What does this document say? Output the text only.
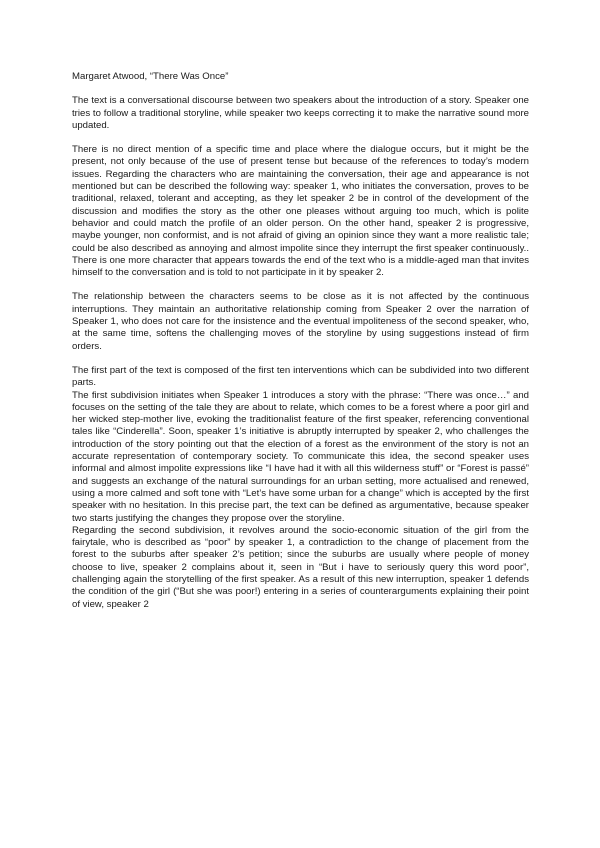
Margaret Atwood, “There Was Once”

The text is a conversational discourse between two speakers about the introduction of a story. Speaker one tries to follow a traditional storyline, while speaker two keeps correcting it to make the narrative sound more updated.

There is no direct mention of a specific time and place where the dialogue occurs, but it might be the present, not only because of the use of present tense but because of the references to today’s modern issues. Regarding the characters who are maintaining the conversation, their age and appearance is not mentioned but can be described the following way: speaker 1, who initiates the conversation, proves to be traditional, relaxed, tolerant and accepting, as they let speaker 2 be in control of the development of the discussion and modifies the story as the other one pleases without arguing too much, which is polite behavior and could match the profile of an older person. On the other hand, speaker 2 is progressive, maybe younger, non conformist, and is not afraid of giving an opinion since they want a more realistic tale; could be also described as annoying and almost impolite since they interrupt the first speaker continuously.. There is one more character that appears towards the end of the text who is a middle-aged man that invites himself to the conversation and is told to not participate in it by speaker 2.

The relationship between the characters seems to be close as it is not affected by the continuous interruptions. They maintain an authoritative relationship coming from Speaker 2 over the narration of Speaker 1, who does not care for the insistence and the eventual impoliteness of the second speaker, who, at the same time, softens the challenging moves of the storyline by using suggestions instead of firm orders.

The first part of the text is composed of the first ten interventions which can be subdivided into two different parts.

The first subdivision initiates when Speaker 1 introduces a story with the phrase: “There was once…” and focuses on the setting of the tale they are about to relate, which comes to be a forest where a poor girl and her wicked step-mother live, evoking the traditionalist feature of the first speaker, referencing conventional tales like “Cinderella”. Soon, speaker 1’s initiative is abruptly interrupted by speaker 2, who challenges the introduction of the story pointing out that the election of a forest as the environment of the story is not an accurate representation of contemporary society. To communicate this idea, the second speaker uses informal and almost impolite expressions like “I have had it with all this wilderness stuff” or “Forest is passé” and suggests an exchange of the natural surroundings for an urban setting, more actualised and renewed, using a more calmed and soft tone with “Let’s have some urban for a change” which is accepted by the first speaker with no hesitation. In this precise part, the text can be defined as argumentative, because speaker two starts justifying the changes they propose over the storyline.

Regarding the second subdivision, it revolves around the socio-economic situation of the girl from the fairytale, who is described as “poor” by speaker 1, a contradiction to the change of placement from the forest to the suburbs after speaker 2’s petition; since the suburbs are usually where people of money choose to live, speaker 2 complains about it, seen in “But i have to seriously query this word poor”, challenging again the storytelling of the first speaker. As a result of this new interruption, speaker 1 defends the condition of the girl (“But she was poor!) entering in a series of counterarguments explaining their point of view, speaker 2
